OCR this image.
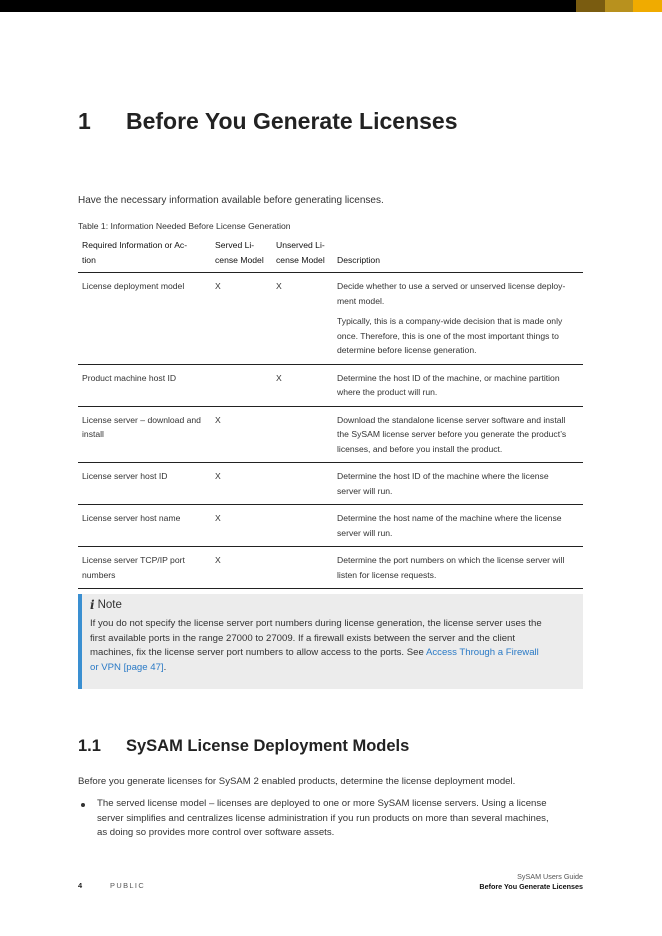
1 Before You Generate Licenses
Have the necessary information available before generating licenses.
Table 1: Information Needed Before License Generation
Required Information or Ac-
tion	Served Li-
cense Model	Unserved Li-
cense Model	Description
License deployment model	X	X	Decide whether to use a served or unserved license deploy-
ment model.

Typically, this is a company-wide decision that is made only
once. Therefore, this is one of the most important things to
determine before license generation.

Product machine host ID		X	Determine the host ID of the machine, or machine partition
where the product will run.

License server – download and
install	X		Download the standalone license server software and install
the SySAM license server before you generate the product’s
licenses, and before you install the product.

License server host ID	X		Determine the host ID of the machine where the license
server will run.

License server host name	X		Determine the host name of the machine where the license
server will run.

License server TCP/IP port
numbers	X		Determine the port numbers on which the license server will
listen for license requests.

i Note
If you do not specify the license server port numbers during license generation, the license server uses the
first available ports in the range 27000 to 27009. If a firewall exists between the server and the client
machines, fix the license server port numbers to allow access to the ports. See Access Through a Firewall
or VPN [page 47].
1.1 SySAM License Deployment Models
Before you generate licenses for SySAM 2 enabled products, determine the license deployment model.
The served license model – licenses are deployed to one or more SySAM license servers. Using a license
server simplifies and centralizes license administration if you run products on more than several machines,
as doing so provides more control over software assets.
4	PUBLIC
SySAM Users Guide
Before You Generate Licenses
